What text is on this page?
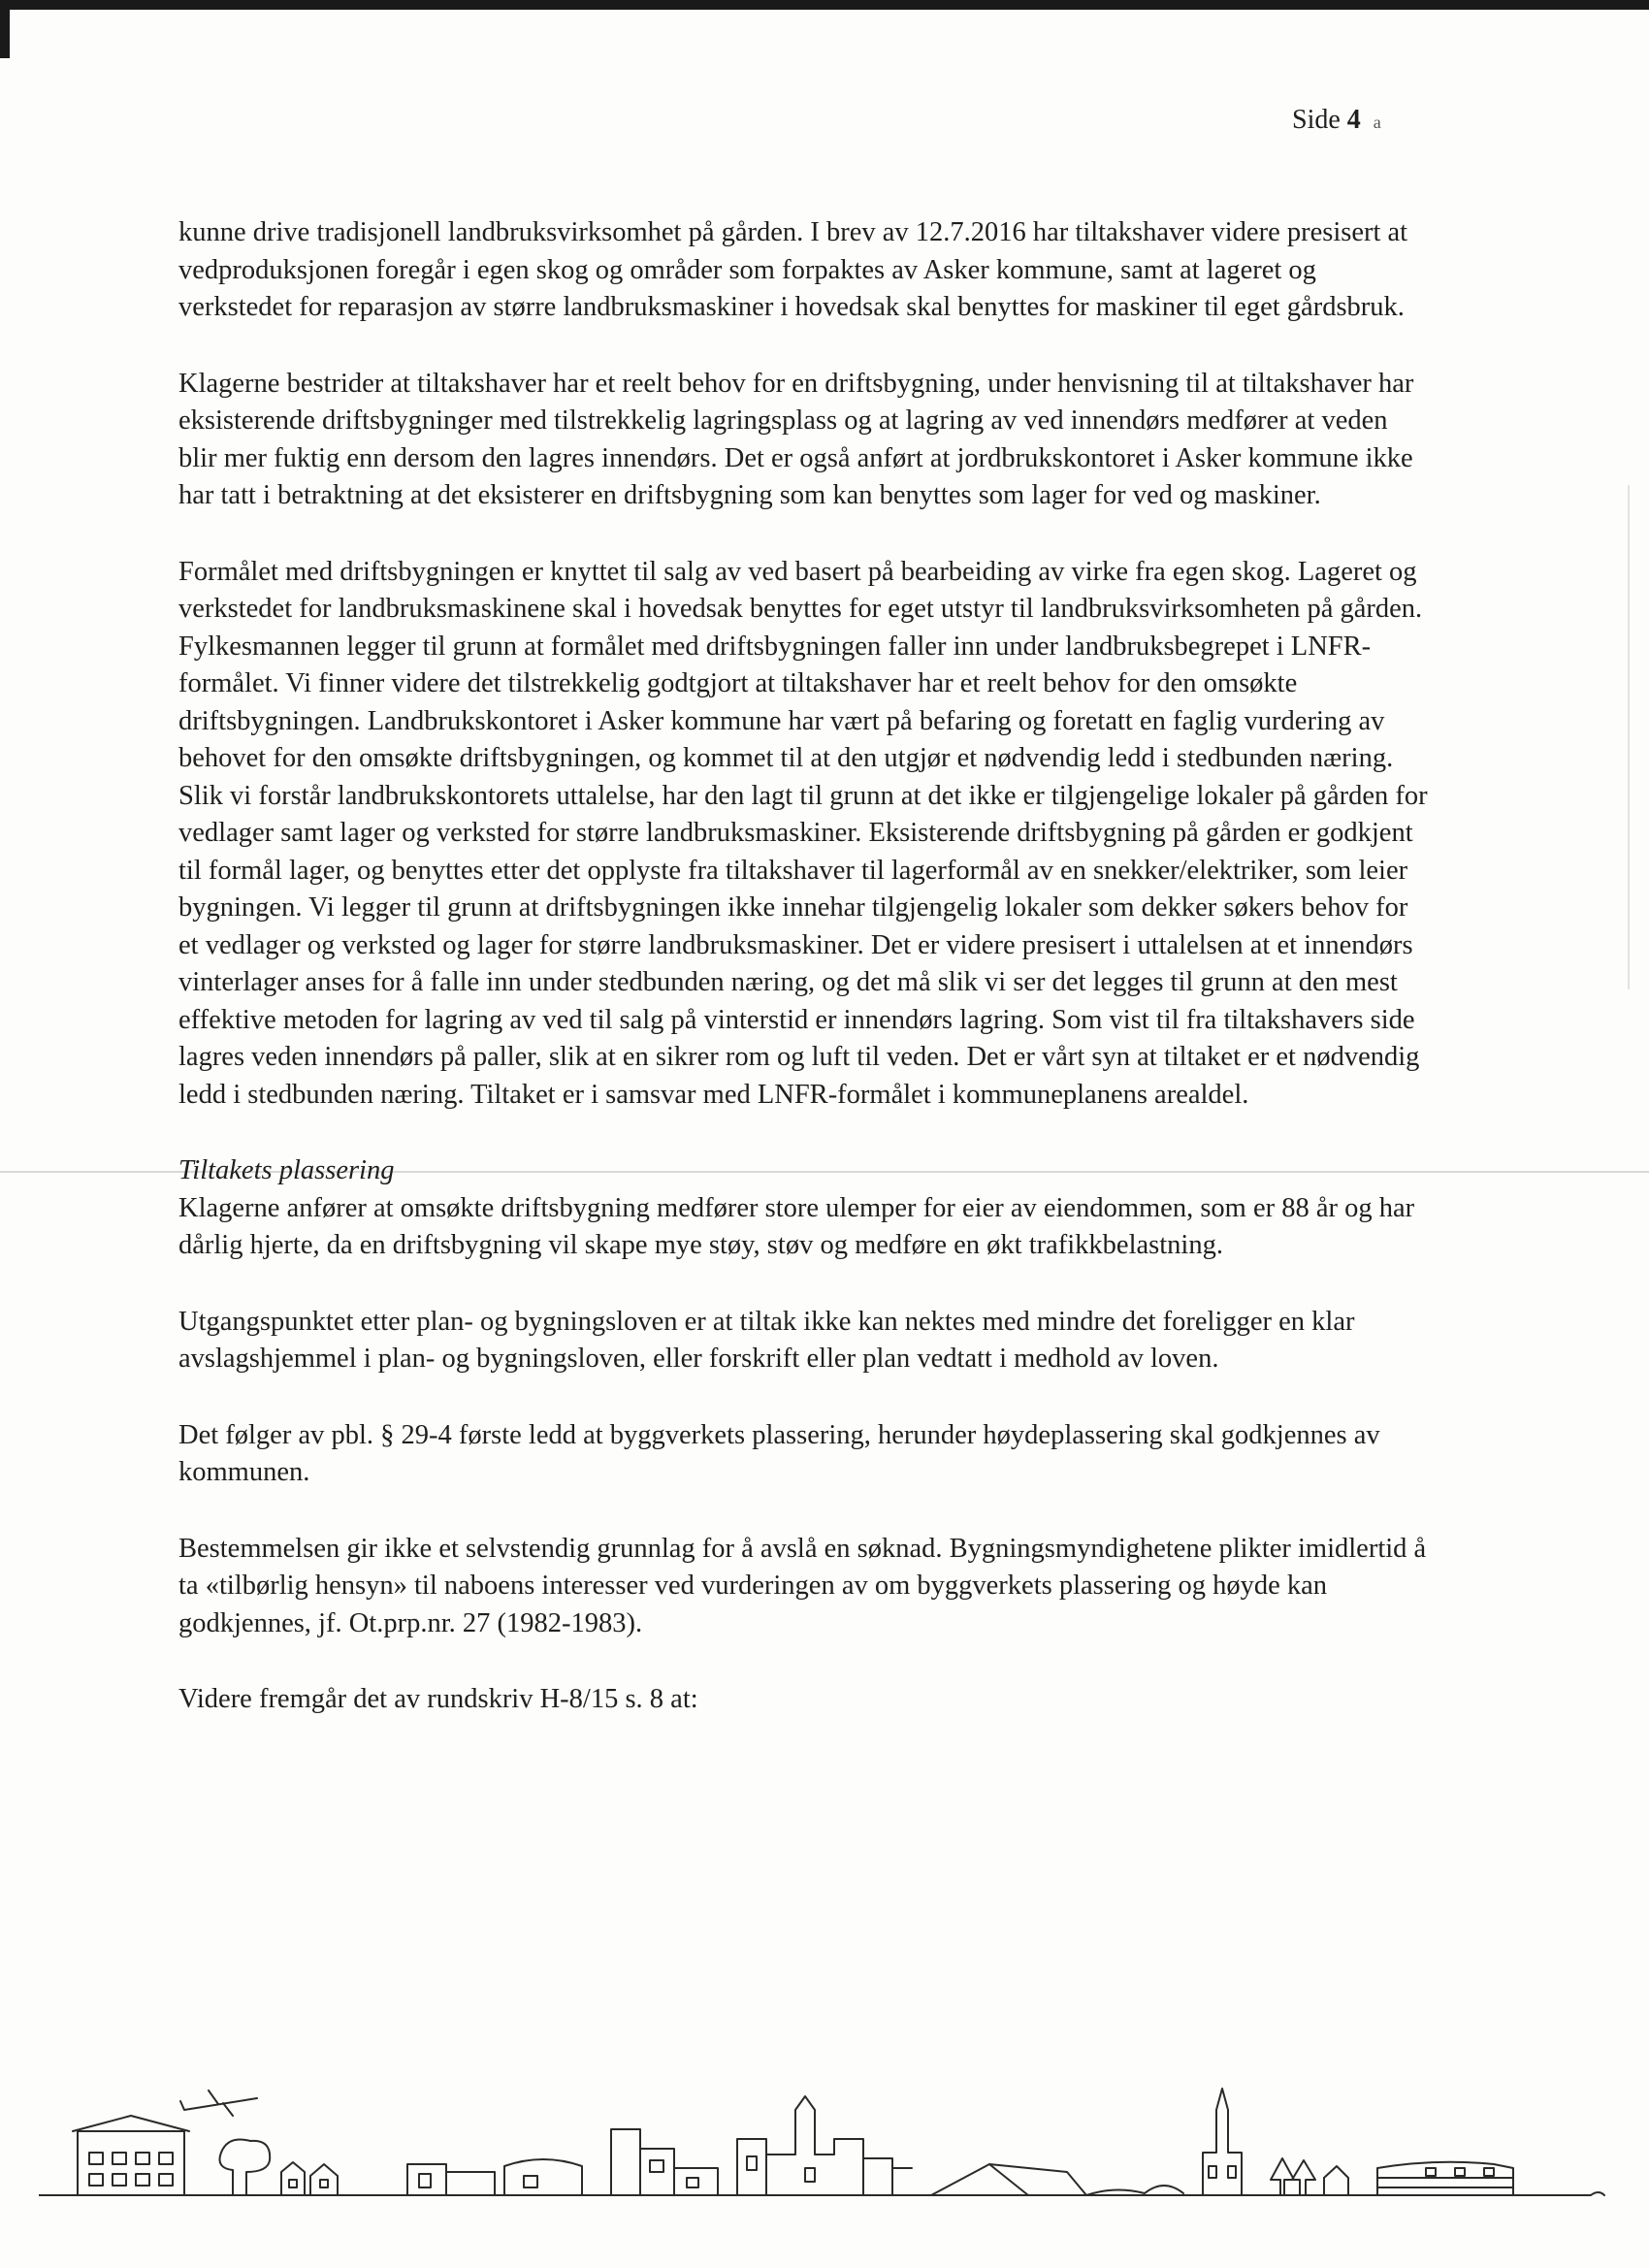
Side 4 a

kunne drive tradisjonell landbruksvirksomhet på gården. I brev av 12.7.2016 har tiltakshaver videre presisert at vedproduksjonen foregår i egen skog og områder som forpaktes av Asker kommune, samt at lageret og verkstedet for reparasjon av større landbruksmaskiner i hovedsak skal benyttes for maskiner til eget gårdsbruk.

Klagerne bestrider at tiltakshaver har et reelt behov for en driftsbygning, under henvisning til at tiltakshaver har eksisterende driftsbygninger med tilstrekkelig lagringsplass og at lagring av ved innendørs medfører at veden blir mer fuktig enn dersom den lagres innendørs. Det er også anført at jordbrukskontoret i Asker kommune ikke har tatt i betraktning at det eksisterer en driftsbygning som kan benyttes som lager for ved og maskiner.

Formålet med driftsbygningen er knyttet til salg av ved basert på bearbeiding av virke fra egen skog. Lageret og verkstedet for landbruksmaskinene skal i hovedsak benyttes for eget utstyr til landbruksvirksomheten på gården. Fylkesmannen legger til grunn at formålet med driftsbygningen faller inn under landbruksbegrepet i LNFR-formålet. Vi finner videre det tilstrekkelig godtgjort at tiltakshaver har et reelt behov for den omsøkte driftsbygningen. Landbrukskontoret i Asker kommune har vært på befaring og foretatt en faglig vurdering av behovet for den omsøkte driftsbygningen, og kommet til at den utgjør et nødvendig ledd i stedbunden næring. Slik vi forstår landbrukskontorets uttalelse, har den lagt til grunn at det ikke er tilgjengelige lokaler på gården for vedlager samt lager og verksted for større landbruksmaskiner. Eksisterende driftsbygning på gården er godkjent til formål lager, og benyttes etter det opplyste fra tiltakshaver til lagerformål av en snekker/elektriker, som leier bygningen. Vi legger til grunn at driftsbygningen ikke innehar tilgjengelig lokaler som dekker søkers behov for et vedlager og verksted og lager for større landbruksmaskiner. Det er videre presisert i uttalelsen at et innendørs vinterlager anses for å falle inn under stedbunden næring, og det må slik vi ser det legges til grunn at den mest effektive metoden for lagring av ved til salg på vinterstid er innendørs lagring. Som vist til fra tiltakshavers side lagres veden innendørs på paller, slik at en sikrer rom og luft til veden. Det er vårt syn at tiltaket er et nødvendig ledd i stedbunden næring. Tiltaket er i samsvar med LNFR-formålet i kommuneplanens arealdel.

Tiltakets plassering

Klagerne anfører at omsøkte driftsbygning medfører store ulemper for eier av eiendommen, som er 88 år og har dårlig hjerte, da en driftsbygning vil skape mye støy, støv og medføre en økt trafikkbelastning.

Utgangspunktet etter plan- og bygningsloven er at tiltak ikke kan nektes med mindre det foreligger en klar avslagshjemmel i plan- og bygningsloven, eller forskrift eller plan vedtatt i medhold av loven.

Det følger av pbl. § 29-4 første ledd at byggverkets plassering, herunder høydeplassering skal godkjennes av kommunen.

Bestemmelsen gir ikke et selvstendig grunnlag for å avslå en søknad. Bygningsmyndighetene plikter imidlertid å ta «tilbørlig hensyn» til naboens interesser ved vurderingen av om byggverkets plassering og høyde kan godkjennes, jf. Ot.prp.nr. 27 (1982-1983).

Videre fremgår det av rundskriv H-8/15 s. 8 at:
